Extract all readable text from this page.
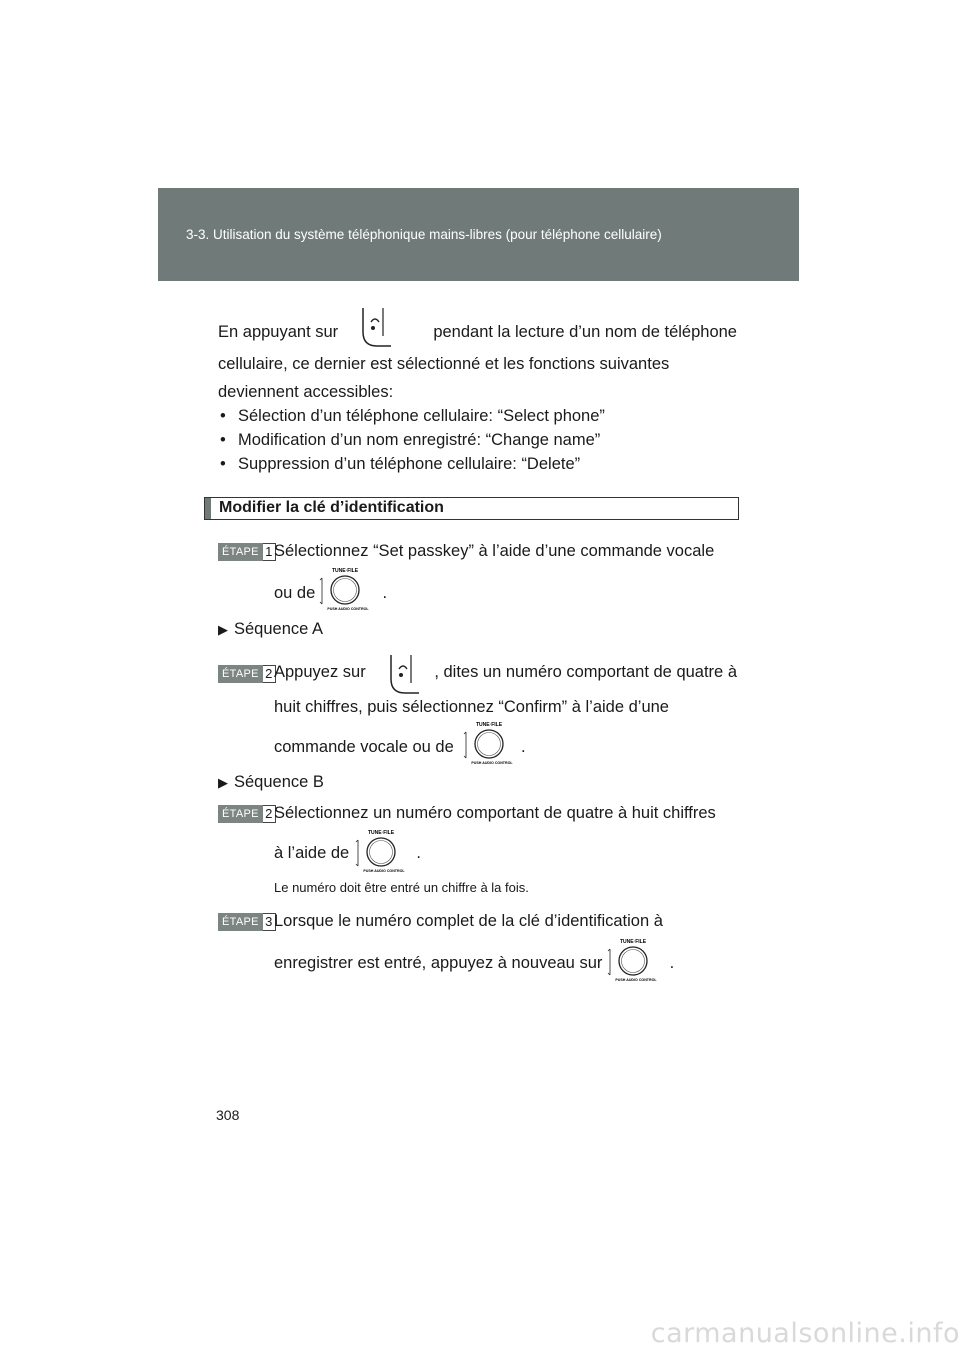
3-3. Utilisation du système téléphonique mains-libres (pour téléphone cellulaire)
En appuyant sur	pendant la lecture d’un nom de téléphone
cellulaire, ce dernier est sélectionné et les fonctions suivantes
deviennent accessibles:
• Sélection d’un téléphone cellulaire: “Select phone”
• Modification d’un nom enregistré: “Change name”
• Suppression d’un téléphone cellulaire: “Delete”
Modifier la clé d’identification
ÉTAPE 1 Sélectionnez “Set passkey” à l’aide d’une commande vocale
ou de	.
TUNE·FILE
PUSH AUDIO CONTROL
▶ Séquence A
ÉTAPE 2 Appuyez sur	, dites un numéro comportant de quatre à
huit chiffres, puis sélectionnez “Confirm” à l’aide d’une
commande vocale ou de	.
TUNE·FILE
PUSH AUDIO CONTROL
▶ Séquence B
ÉTAPE 2 Sélectionnez un numéro comportant de quatre à huit chiffres
à l’aide de	.
TUNE·FILE
PUSH AUDIO CONTROL
Le numéro doit être entré un chiffre à la fois.
ÉTAPE 3 Lorsque le numéro complet de la clé d’identification à
enregistrer est entré, appuyez à nouveau sur	.
TUNE·FILE
PUSH AUDIO CONTROL
308
carmanualsonline.info
